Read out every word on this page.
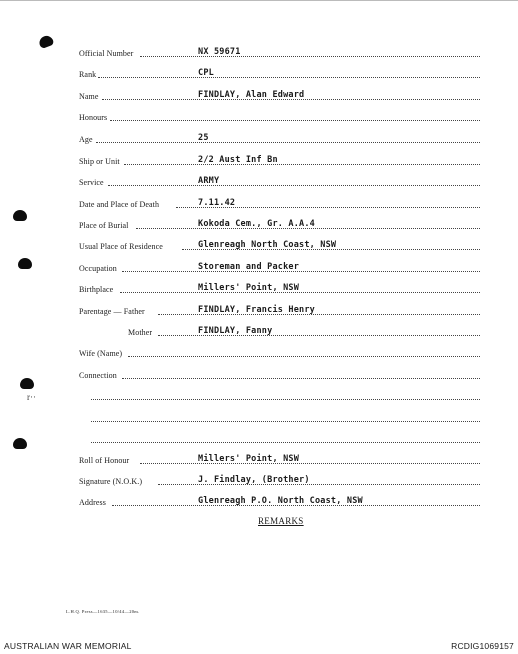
r··
Official Number	NX 59671
Rank	CPL
Name	FINDLAY, Alan Edward
Honours
Age	25
Ship or Unit	2/2 Aust Inf Bn
Service	ARMY
Date and Place of Death	7.11.42
Place of Burial	Kokoda Cem., Gr. A.A.4
Usual Place of Residence	Glenreagh North Coast, NSW
Occupation	Storeman and Packer
Birthplace	Millers' Point, NSW
Parentage — Father	FINDLAY, Francis Henry
Mother	FINDLAY, Fanny
Wife (Name)
Connection
Roll of Honour	Millers' Point, NSW
Signature (N.O.K.)	J. Findlay, (Brother)
Address	Glenreagh P.O. North Coast, NSW
REMARKS
L.H.Q. Press—1635—10/44—20m.
AUSTRALIAN WAR MEMORIAL	RCDIG1069157
